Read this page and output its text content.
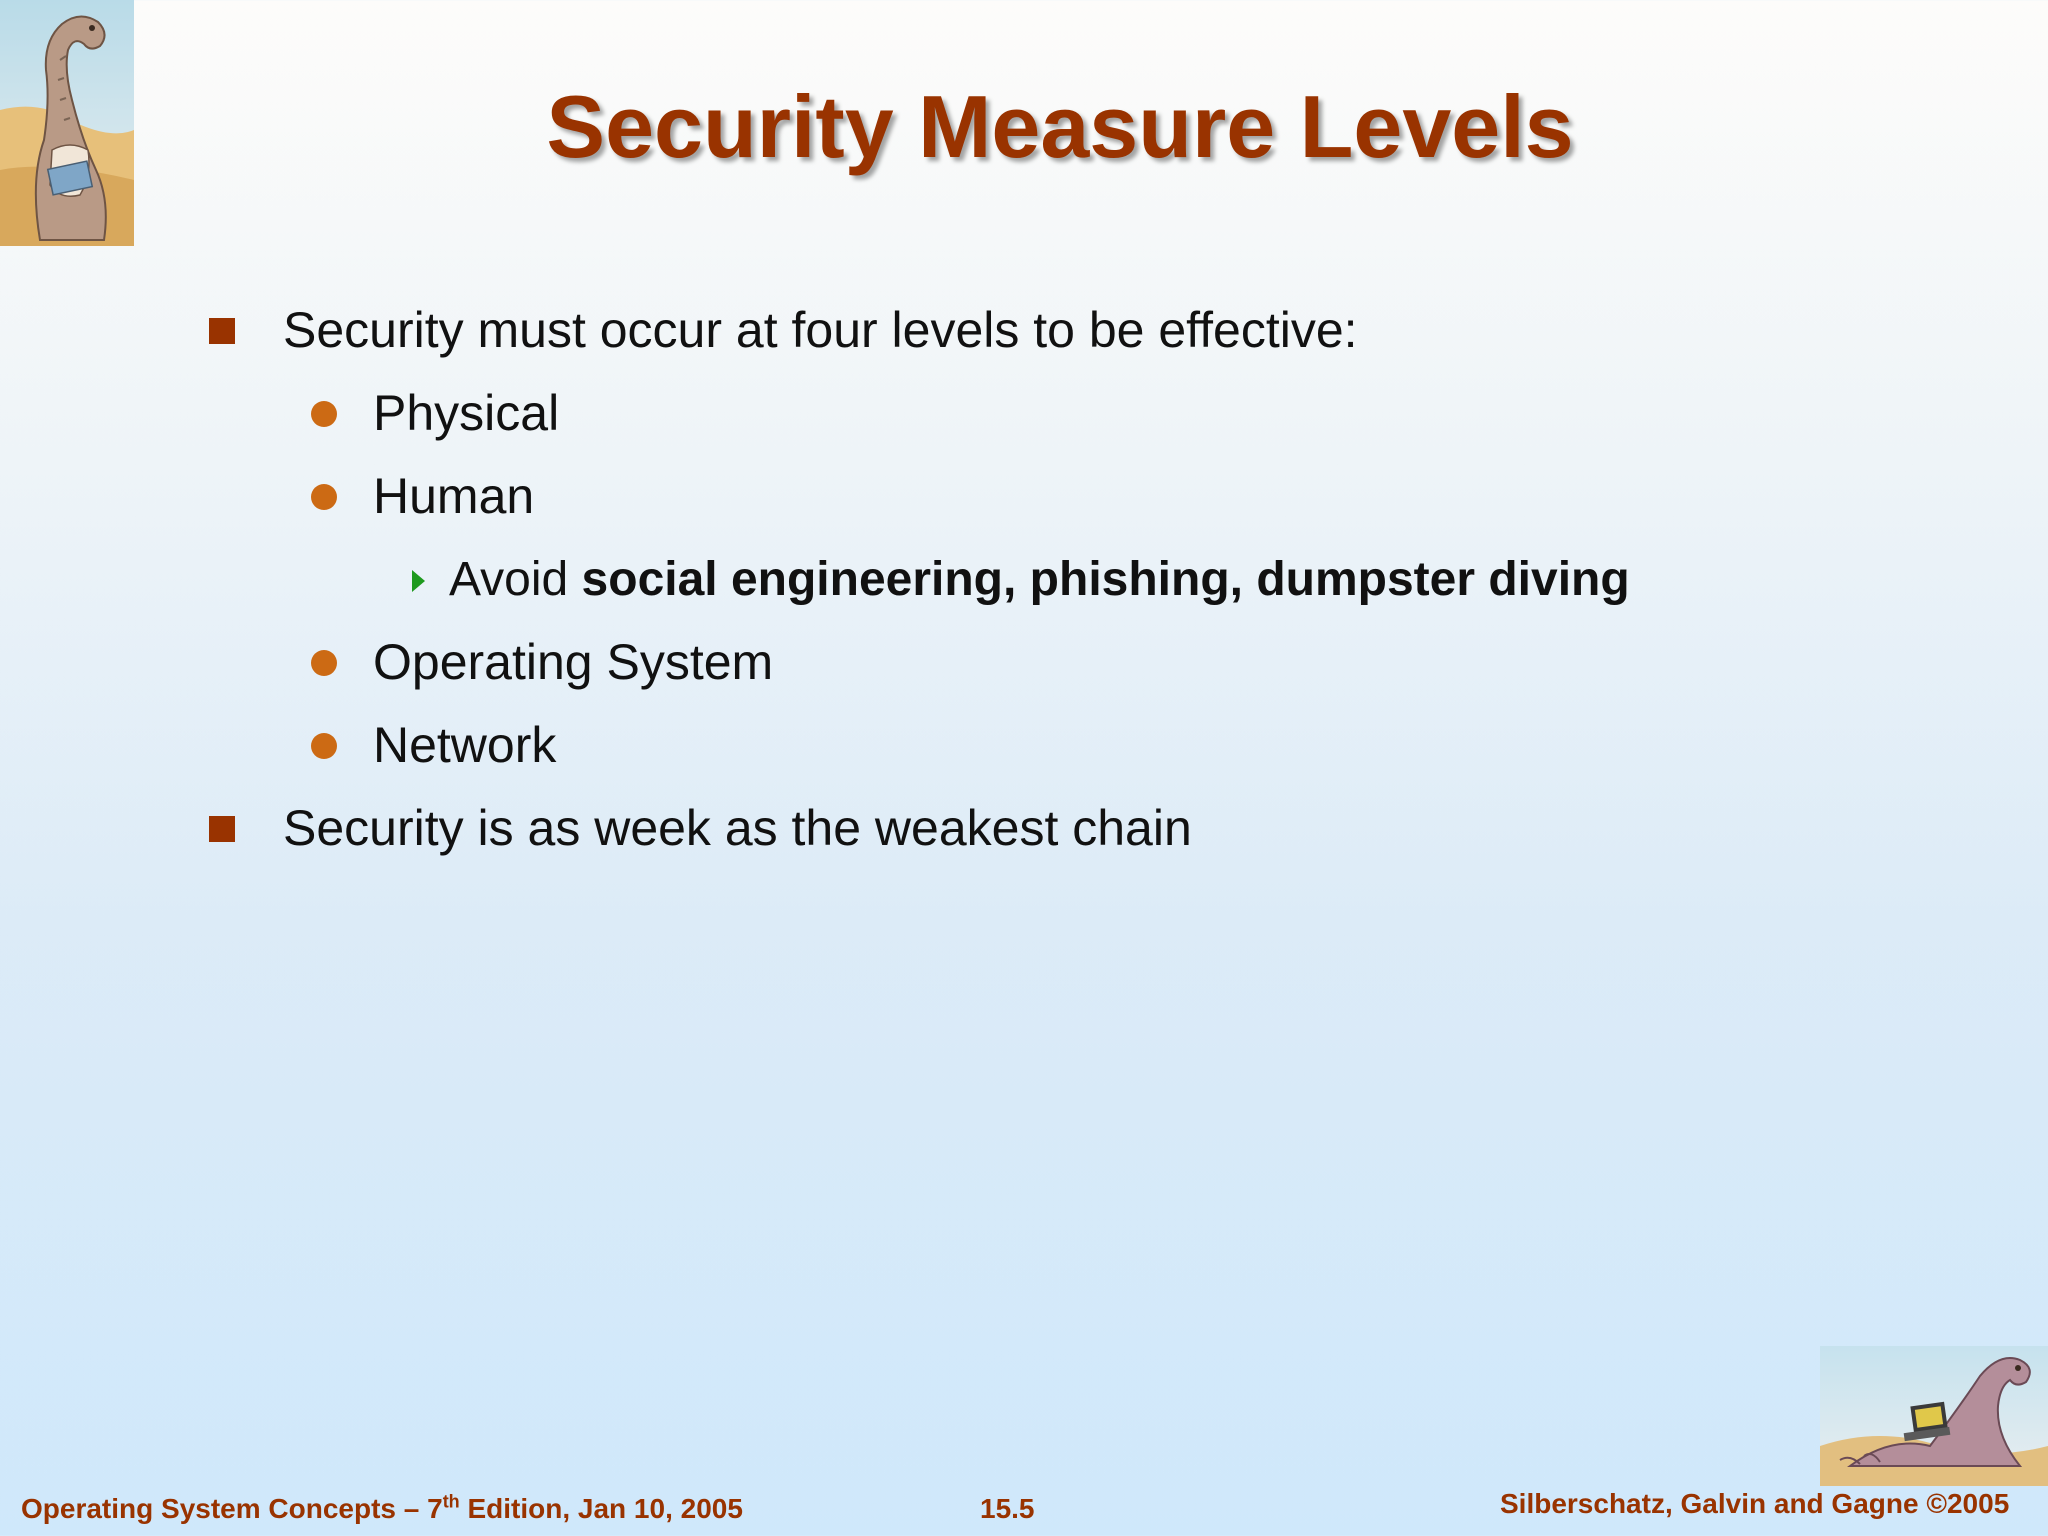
Security Measure Levels
Security must occur at four levels to be effective:
Physical
Human
Avoid social engineering, phishing, dumpster diving
Operating System
Network
Security is as week as the weakest chain
Operating System Concepts – 7th Edition, Jan 10, 2005	15.5	Silberschatz, Galvin and Gagne ©2005
